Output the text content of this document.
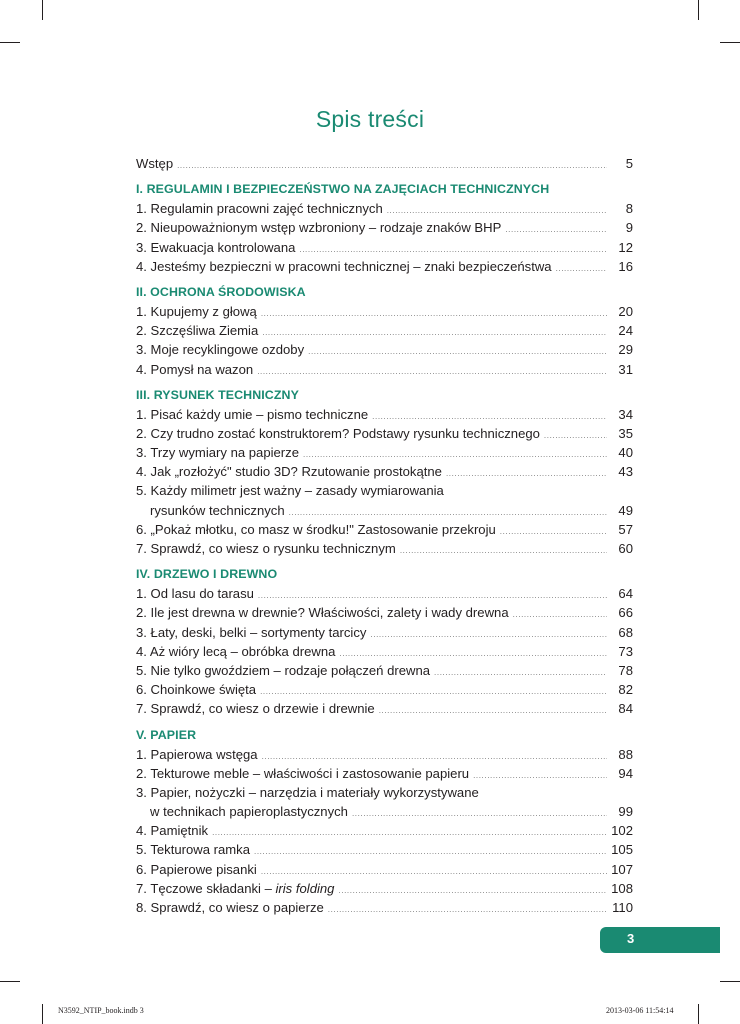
Spis treści
Wstęp .....	5
I. REGULAMIN I BEZPIECZEŃSTWO NA ZAJĘCIACH TECHNICZNYCH
1. Regulamin pracowni zajęć technicznych .....	8
2. Nieupoważnionym wstęp wzbroniony – rodzaje znaków BHP .....	9
3. Ewakuacja kontrolowana .....	12
4. Jesteśmy bezpieczni w pracowni technicznej – znaki bezpieczeństwa .....	16
II. OCHRONA ŚRODOWISKA
1. Kupujemy z głową .....	20
2. Szczęśliwa Ziemia .....	24
3. Moje recyklingowe ozdoby .....	29
4. Pomysł na wazon .....	31
III. RYSUNEK TECHNICZNY
1. Pisać każdy umie – pismo techniczne .....	34
2. Czy trudno zostać konstruktorem? Podstawy rysunku technicznego .....	35
3. Trzy wymiary na papierze .....	40
4. Jak „rozłożyć" studio 3D? Rzutowanie prostokątne .....	43
5. Każdy milimetr jest ważny – zasady wymiarowania
rysunków technicznych .....	49
6. „Pokaż młotku, co masz w środku!" Zastosowanie przekroju .....	57
7. Sprawdź, co wiesz o rysunku technicznym .....	60
IV. DRZEWO I DREWNO
1. Od lasu do tarasu .....	64
2. Ile jest drewna w drewnie? Właściwości, zalety i wady drewna .....	66
3. Łaty, deski, belki – sortymenty tarcicy .....	68
4. Aż wióry lecą – obróbka drewna .....	73
5. Nie tylko gwoździem – rodzaje połączeń drewna .....	78
6. Choinkowe święta .....	82
7. Sprawdź, co wiesz o drzewie i drewnie .....	84
V. PAPIER
1. Papierowa wstęga .....	88
2. Tekturowe meble – właściwości i zastosowanie papieru .....	94
3. Papier, nożyczki – narzędzia i materiały wykorzystywane
w technikach papieroplastycznych .....	99
4. Pamiętnik .....	102
5. Tekturowa ramka .....	105
6. Papierowe pisanki .....	107
7. Tęczowe składanki – iris folding .....	108
8. Sprawdź, co wiesz o papierze .....	110
3
N3592_NTIP_book.indb 3	2013-03-06 11:54:14
